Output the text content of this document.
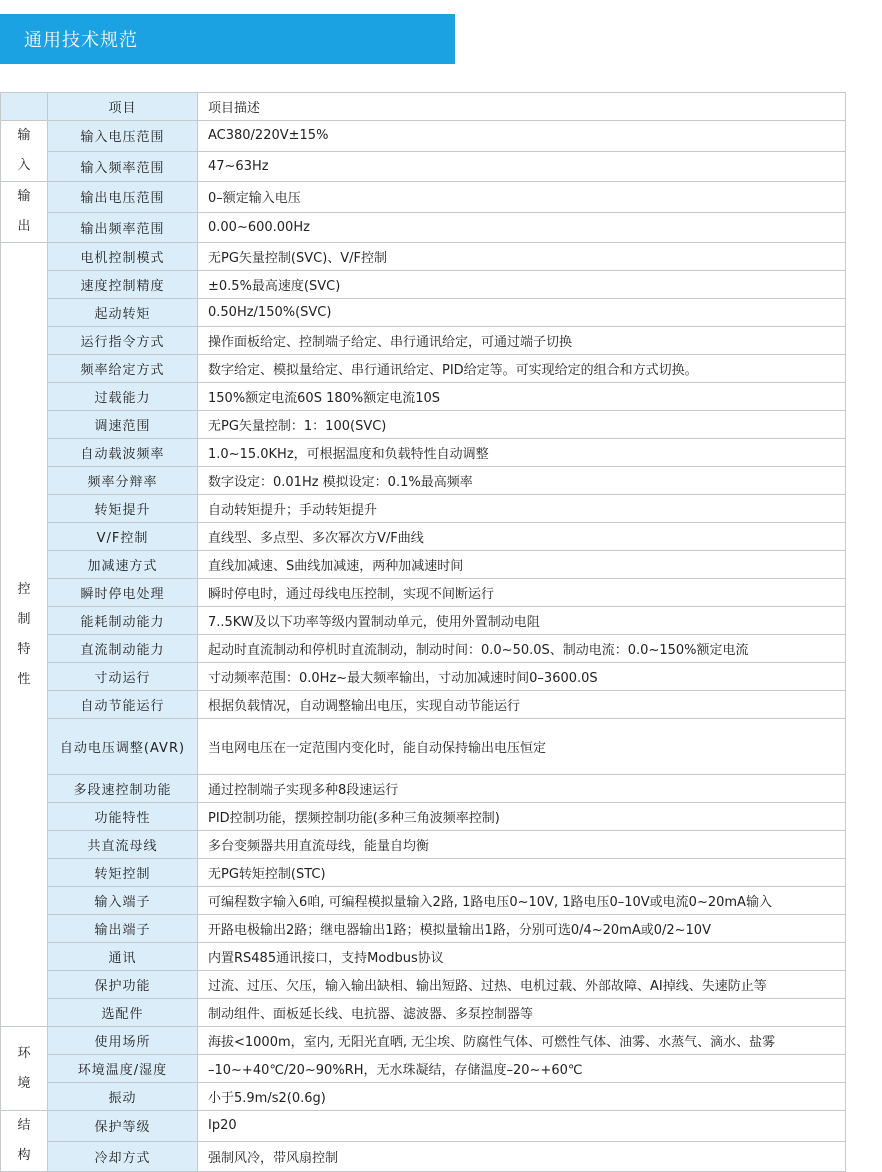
通用技术规范
	项目	项目描述

输
入	输入电压范围	AC380/220V±15%
	输入频率范围	47~63Hz

输
出	输出电压范围	0–额定输入电压
	输出频率范围	0.00~600.00Hz

控
制
特
性	电机控制模式	无PG矢量控制(SVC)、V/F控制
	速度控制精度	±0.5%最高速度(SVC)
	起动转矩	0.50Hz/150%(SVC)
	运行指令方式	操作面板给定、控制端子给定、串行通讯给定，可通过端子切换
	频率给定方式	数字给定、模拟量给定、串行通讯给定、PID给定等。可实现给定的组合和方式切换。
	过载能力	150%额定电流60S 180%额定电流10S
	调速范围	无PG矢量控制：1：100(SVC)
	自动载波频率	1.0~15.0KHz，可根据温度和负载特性自动调整
	频率分辩率	数字设定：0.01Hz 模拟设定：0.1%最高频率
	转矩提升	自动转矩提升；手动转矩提升
	V/F控制	直线型、多点型、多次幂次方V/F曲线
	加减速方式	直线加减速、S曲线加减速，两种加减速时间
	瞬时停电处理	瞬时停电时，通过母线电压控制，实现不间断运行
	能耗制动能力	7..5KW及以下功率等级内置制动单元，使用外置制动电阻
	直流制动能力	起动时直流制动和停机时直流制动，制动时间：0.0~50.0S、制动电流：0.0~150%额定电流
	寸动运行	寸动频率范围：0.0Hz~最大频率输出，寸动加减速时间0–3600.0S
	自动节能运行	根据负载情况，自动调整输出电压，实现自动节能运行
	自动电压调整(AVR)	当电网电压在一定范围内变化时，能自动保持输出电压恒定
	多段速控制功能	通过控制端子实现多种8段速运行
	功能特性	PID控制功能，摆频控制功能(多种三角波频率控制)
	共直流母线	多台变频器共用直流母线，能量自均衡
	转矩控制	无PG转矩控制(STC)
	输入端子	可编程数字输入6咱, 可编程模拟量输入2路, 1路电压0~10V, 1路电压0–10V或电流0~20mA输入
	输出端子	开路电极输出2路；继电器输出1路；模拟量输出1路，分别可选0/4~20mA或0/2~10V
	通讯	内置RS485通讯接口，支持Modbus协议
	保护功能	过流、过压、欠压，输入输出缺相、输出短路、过热、电机过载、外部故障、AI掉线、失速防止等
	选配件	制动组件、面板延长线、电抗器、滤波器、多泵控制器等

环
境	使用场所	海拔<1000m，室内, 无阳光直晒, 无尘埃、防腐性气体、可燃性气体、油雾、水蒸气、滴水、盐雾
	环境温度/湿度	–10~+40℃/20~90%RH，无水珠凝结，存储温度–20~+60℃
	振动	小于5.9m/s2(0.6g)

结
构	保护等级	Ip20
	冷却方式	强制风冷，带风扇控制
